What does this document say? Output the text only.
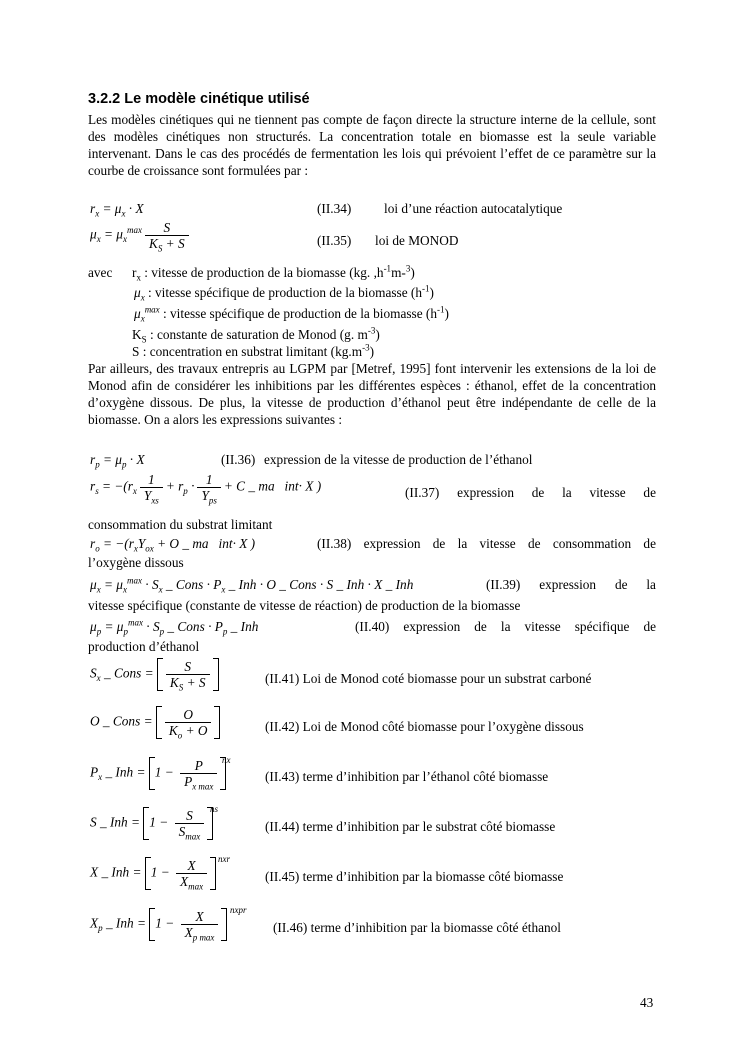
3.2.2 Le modèle cinétique utilisé
Les modèles cinétiques qui ne tiennent pas compte de façon directe la structure interne de la cellule, sont des modèles cinétiques non structurés. La concentration totale en biomasse est la seule variable intervenant. Dans le cas des procédés de fermentation les lois qui prévoient l’effet de ce paramètre sur la courbe de croissance sont formulées par :
$r_x = \mu_x \cdot X$	(II.34) loi d’une réaction autocatalytique
$\mu_x = \mu_x^{max} \frac{S}{K_S + S}$	(II.35) loi de MONOD
avec $r_x$ : vitesse de production de la biomasse (kg. $,h^{-1}m-^3$)
$\mu_x$ : vitesse spécifique de production de la biomasse $(h^{-1})$
$\mu_x^{max}$ : vitesse spécifique de production de la biomasse $(h^{-1})$
$K_S$ : constante de saturation de Monod (g. $m^{-3}$)
S : concentration en substrat limitant $(kg.m^{-3})$
Par ailleurs, des travaux entrepris au LGPM par [Metref, 1995] font intervenir les extensions de la loi de Monod afin de considérer les inhibitions par les différentes espèces : éthanol, effet de la concentration d’oxygène dissous. De plus, la vitesse de production d’éthanol peut être indépendante de celle de la biomasse. On a alors les expressions suivantes :
$r_p = \mu_p \cdot X$	(II.36) expression de la vitesse de production de l’éthanol
$r_s = -(r_x \frac{1}{Y_{xs}} + r_p \cdot \frac{1}{Y_{ps}} + C$ _ ma   int· X )	(II.37) expression de la vitesse de
consommation du substrat limitant
$r_o = -(r_xY_{ox} + O$ _ ma   int· X )	(II.38) expression de la vitesse de consommation de
l’oxygène dissous
$\mu_x = \mu_x^{max} \cdot S_x$ _ Cons · $P_x$ _ Inh · O _ Cons · S _ Inh · X _ Inh	(II.39) expression de la
vitesse spécifique (constante de vitesse de réaction) de production de la biomasse
$\mu_p = \mu_p^{max} \cdot S_p$ _ Cons · $P_p$ _ Inh	(II.40) expression de la vitesse spécifique de
production d’éthanol
$S_x$ _ Cons = $\frac{S}{K_S + S}$	(II.41) Loi de Monod coté biomasse pour un substrat carboné
O _ Cons = $\frac{O}{K_o + O}$	(II.42) Loi de Monod côté biomasse pour l’oxygène dissous
$P_x$ _ Inh = $1 - \frac{P}{P_{x max}}$ nx
(II.43) terme d’inhibition par l’éthanol côté biomasse
S _ Inh = $1 - \frac{S}{S_{max}}$ ns
(II.44) terme d’inhibition par le substrat côté biomasse
X _ Inh = $1 - \frac{X}{X_{max}}$ nxr
(II.45) terme d’inhibition par la biomasse côté biomasse
$X_p$ _ Inh = $1 - \frac{X}{X_{p max}}$ nxpr
(II.46) terme d’inhibition par la biomasse côté éthanol
43
